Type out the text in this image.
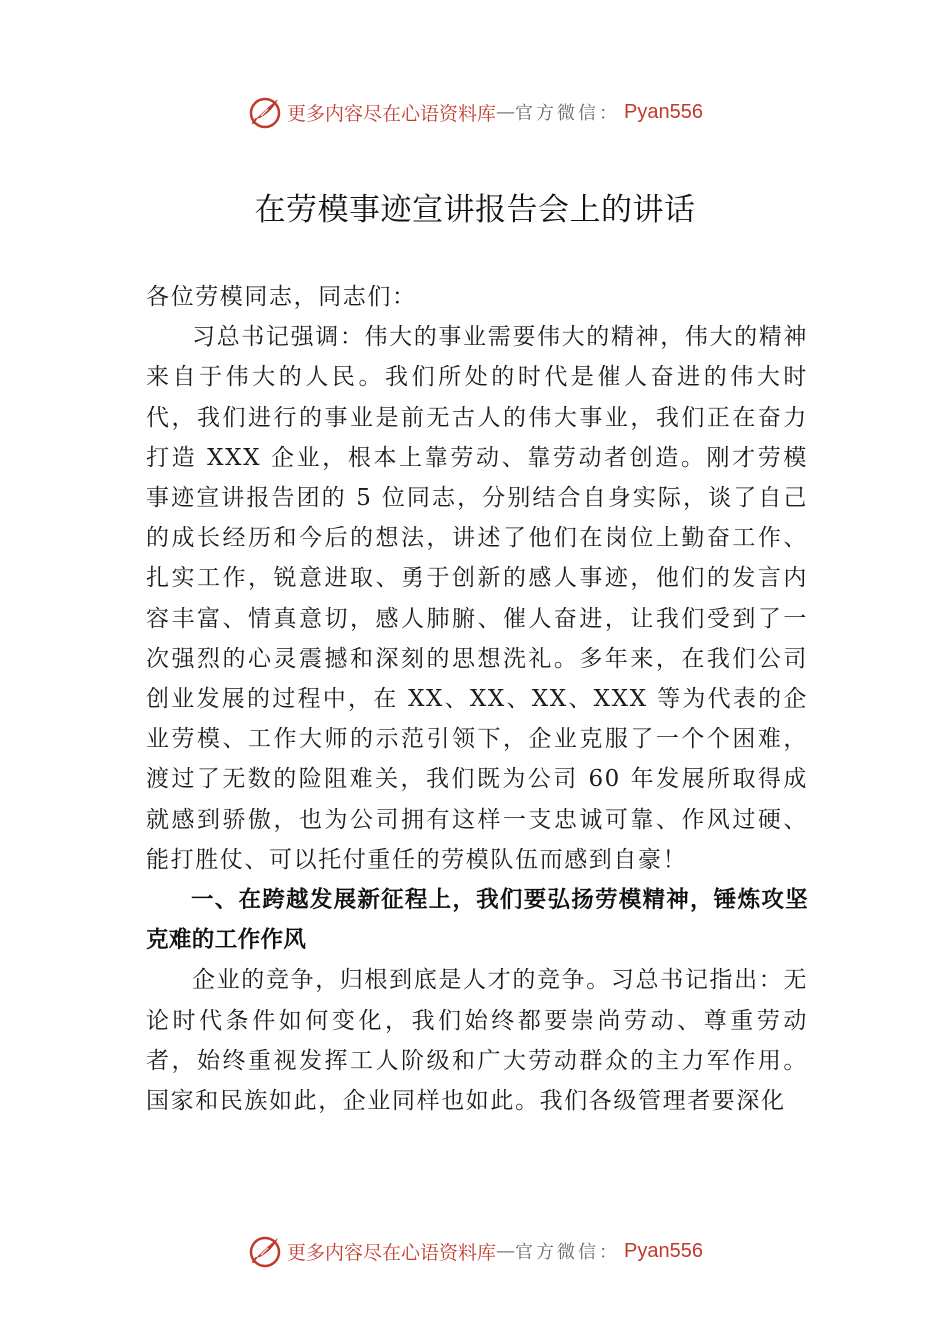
更多内容尽在心语资料库 — 官方微信： Pyan556
在劳模事迹宣讲报告会上的讲话

各位劳模同志，同志们：

习总书记强调：伟大的事业需要伟大的精神，伟大的精神来自于伟大的人民。我们所处的时代是催人奋进的伟大时代，我们进行的事业是前无古人的伟大事业，我们正在奋力打造 XXX 企业，根本上靠劳动、靠劳动者创造。刚才劳模事迹宣讲报告团的 5 位同志，分别结合自身实际，谈了自己的成长经历和今后的想法，讲述了他们在岗位上勤奋工作、扎实工作，锐意进取、勇于创新的感人事迹，他们的发言内容丰富、情真意切，感人肺腑、催人奋进，让我们受到了一次强烈的心灵震撼和深刻的思想洗礼。多年来，在我们公司创业发展的过程中，在 XX、XX、XX、XXX 等为代表的企业劳模、工作大师的示范引领下，企业克服了一个个困难，渡过了无数的险阻难关，我们既为公司 60 年发展所取得成就感到骄傲，也为公司拥有这样一支忠诚可靠、作风过硬、能打胜仗、可以托付重任的劳模队伍而感到自豪！

一、在跨越发展新征程上，我们要弘扬劳模精神，锤炼攻坚克难的工作作风

企业的竞争，归根到底是人才的竞争。习总书记指出：无论时代条件如何变化，我们始终都要崇尚劳动、尊重劳动者，始终重视发挥工人阶级和广大劳动群众的主力军作用。国家和民族如此，企业同样也如此。我们各级管理者要深化

更多内容尽在心语资料库 — 官方微信： Pyan556
